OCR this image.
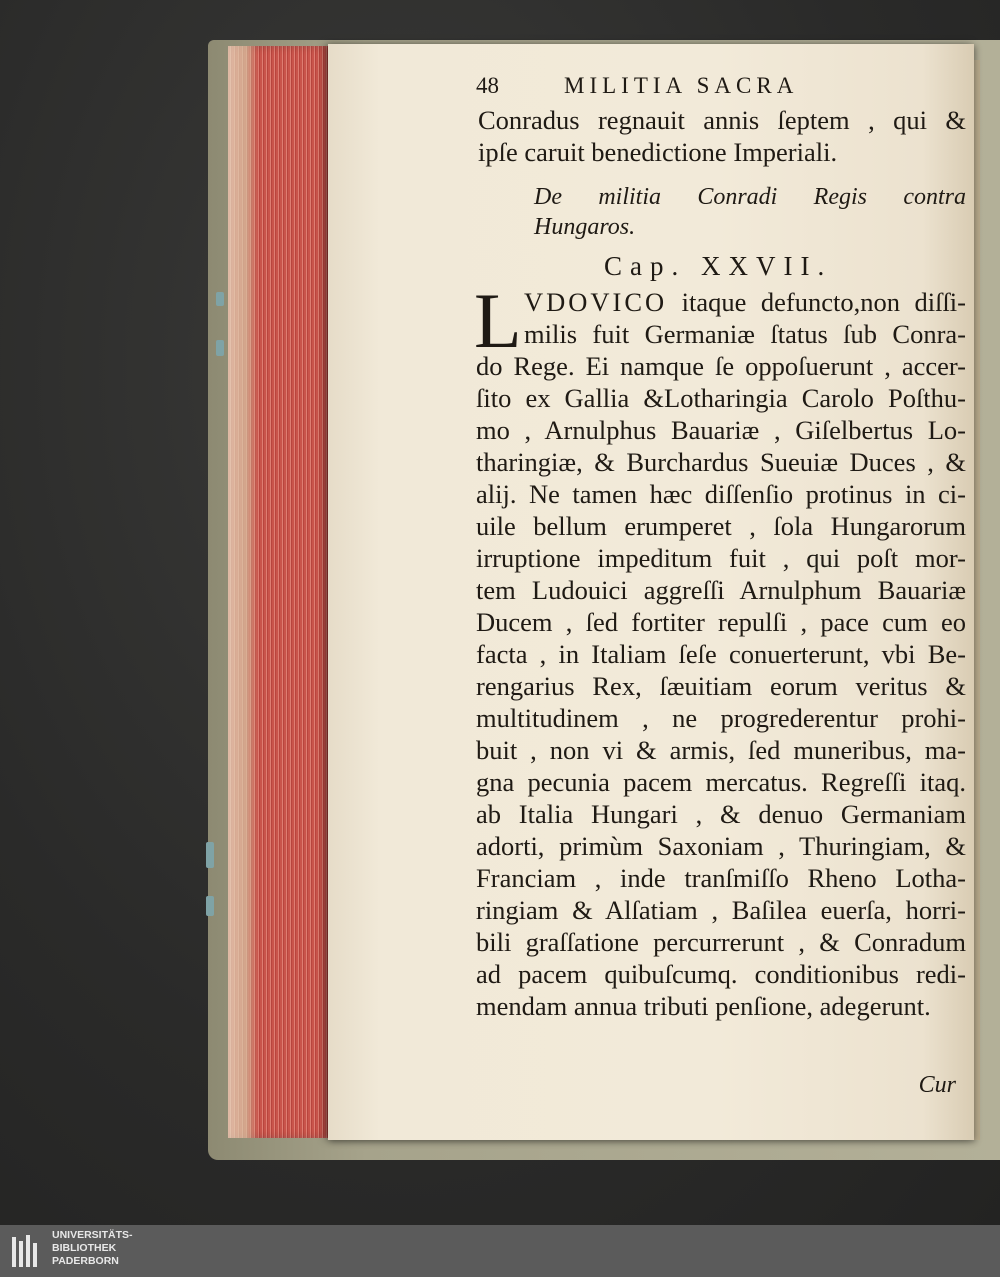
48	MILITIA SACRA
Conradus regnauit annis ſeptem , qui &
ipſe caruit benedictione Imperiali.
De militia Conradi Regis contra
Hungaros.
Cap. XXVII.
L VDOVICO itaque defuncto,non diſſi-
milis fuit Germaniæ ſtatus ſub Conra-
do Rege. Ei namque ſe oppoſuerunt , accer-
ſito ex Gallia &Lotharingia Carolo Poſthu-
mo , Arnulphus Bauariæ , Giſelbertus Lo-
tharingiæ, & Burchardus Sueuiæ Duces , &
alij. Ne tamen hæc diſſenſio protinus in ci-
uile bellum erumperet , ſola Hungarorum
irruptione impeditum fuit , qui poſt mor-
tem Ludouici aggreſſi Arnulphum Bauariæ
Ducem , ſed fortiter repulſi , pace cum eo
facta , in Italiam ſeſe conuerterunt, vbi Be-
rengarius Rex, ſæuitiam eorum veritus &
multitudinem , ne progrederentur prohi-
buit , non vi & armis, ſed muneribus, ma-
gna pecunia pacem mercatus. Regreſſi itaq.
ab Italia Hungari , & denuo Germaniam
adorti, primùm Saxoniam , Thuringiam, &
Franciam , inde tranſmiſſo Rheno Lotha-
ringiam & Alſatiam , Baſilea euerſa, horri-
bili graſſatione percurrerunt , & Conradum
ad pacem quibuſcumq. conditionibus redi-
mendam annua tributi penſione, adegerunt.
Cur
UNIVERSITÄTS-
BIBLIOTHEK
PADERBORN
